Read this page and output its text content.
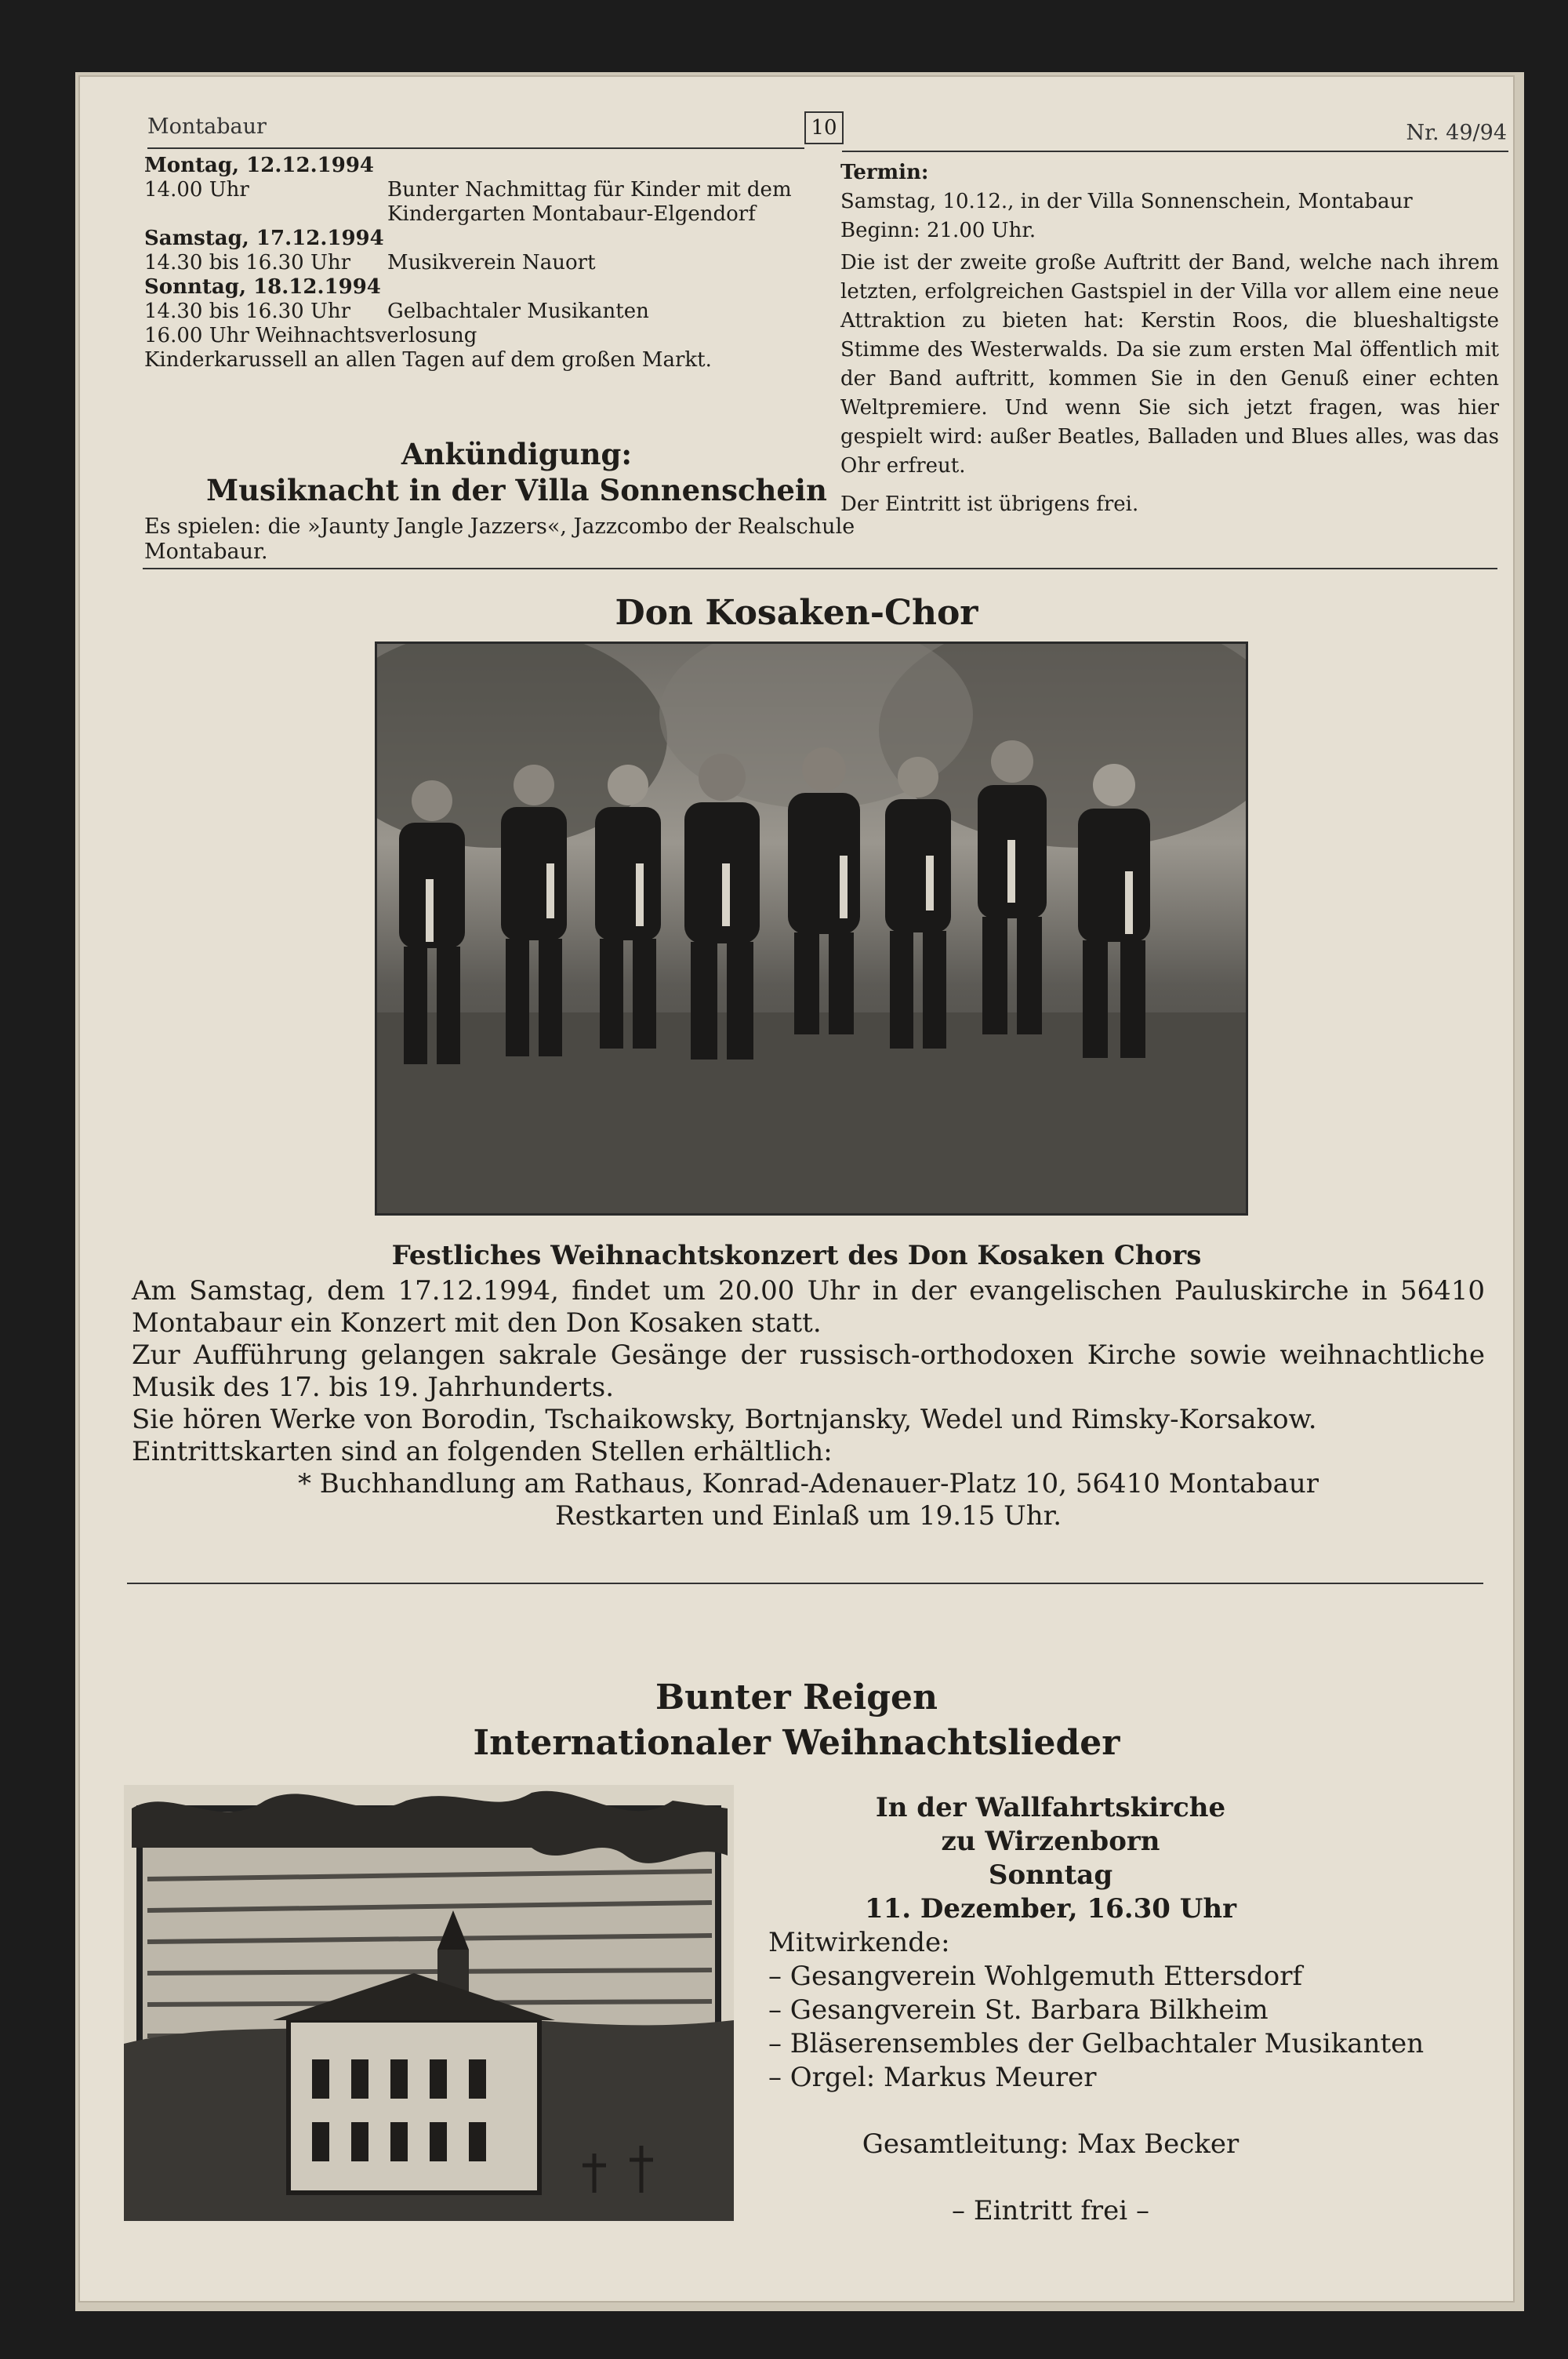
Montabaur	10	Nr. 49/94
Montag, 12.12.1994
14.00 Uhr	Bunter Nachmittag für Kinder mit dem Kindergarten Montabaur-Elgendorf
Samstag, 17.12.1994
14.30 bis 16.30 Uhr Musikverein Nauort
Sonntag, 18.12.1994
14.30 bis 16.30 Uhr Gelbachtaler Musikanten
16.00 Uhr Weihnachtsverlosung
Kinderkarussell an allen Tagen auf dem großen Markt.
Ankündigung:
Musiknacht in der Villa Sonnenschein
Es spielen: die »Jaunty Jangle Jazzers«, Jazzcombo der Realschule Montabaur.

Termin:

Samstag, 10.12., in der Villa Sonnenschein, Montabaur

Beginn: 21.00 Uhr.

Die ist der zweite große Auftritt der Band, welche nach ihrem letzten, erfolgreichen Gastspiel in der Villa vor allem eine neue Attraktion zu bieten hat: Kerstin Roos, die blueshaltigste Stimme des Westerwalds. Da sie zum ersten Mal öffentlich mit der Band auftritt, kommen Sie in den Genuß einer echten Weltpremiere. Und wenn Sie sich jetzt fragen, was hier gespielt wird: außer Beatles, Balladen und Blues alles, was das Ohr erfreut.

Der Eintritt ist übrigens frei.

Don Kosaken-Chor
Festliches Weihnachtskonzert des Don Kosaken Chors

Am Samstag, dem 17.12.1994, findet um 20.00 Uhr in der evangelischen Pauluskirche in 56410 Montabaur ein Konzert mit den Don Kosaken statt.

Zur Aufführung gelangen sakrale Gesänge der russisch-orthodoxen Kirche sowie weihnachtliche Musik des 17. bis 19. Jahrhunderts.

Sie hören Werke von Borodin, Tschaikowsky, Bortnjansky, Wedel und Rimsky-Korsakow.

Eintrittskarten sind an folgenden Stellen erhältlich:

* Buchhandlung am Rathaus, Konrad-Adenauer-Platz 10, 56410 Montabaur

Restkarten und Einlaß um 19.15 Uhr.

Bunter Reigen
Internationaler Weihnachtslieder
In der Wallfahrtskirche
zu Wirzenborn
Sonntag
11. Dezember, 16.30 Uhr
Mitwirkende:
– Gesangverein Wohlgemuth Ettersdorf
– Gesangverein St. Barbara Bilkheim
– Bläserensembles der Gelbachtaler Musikanten
– Orgel: Markus Meurer
Gesamtleitung: Max Becker
– Eintritt frei –
